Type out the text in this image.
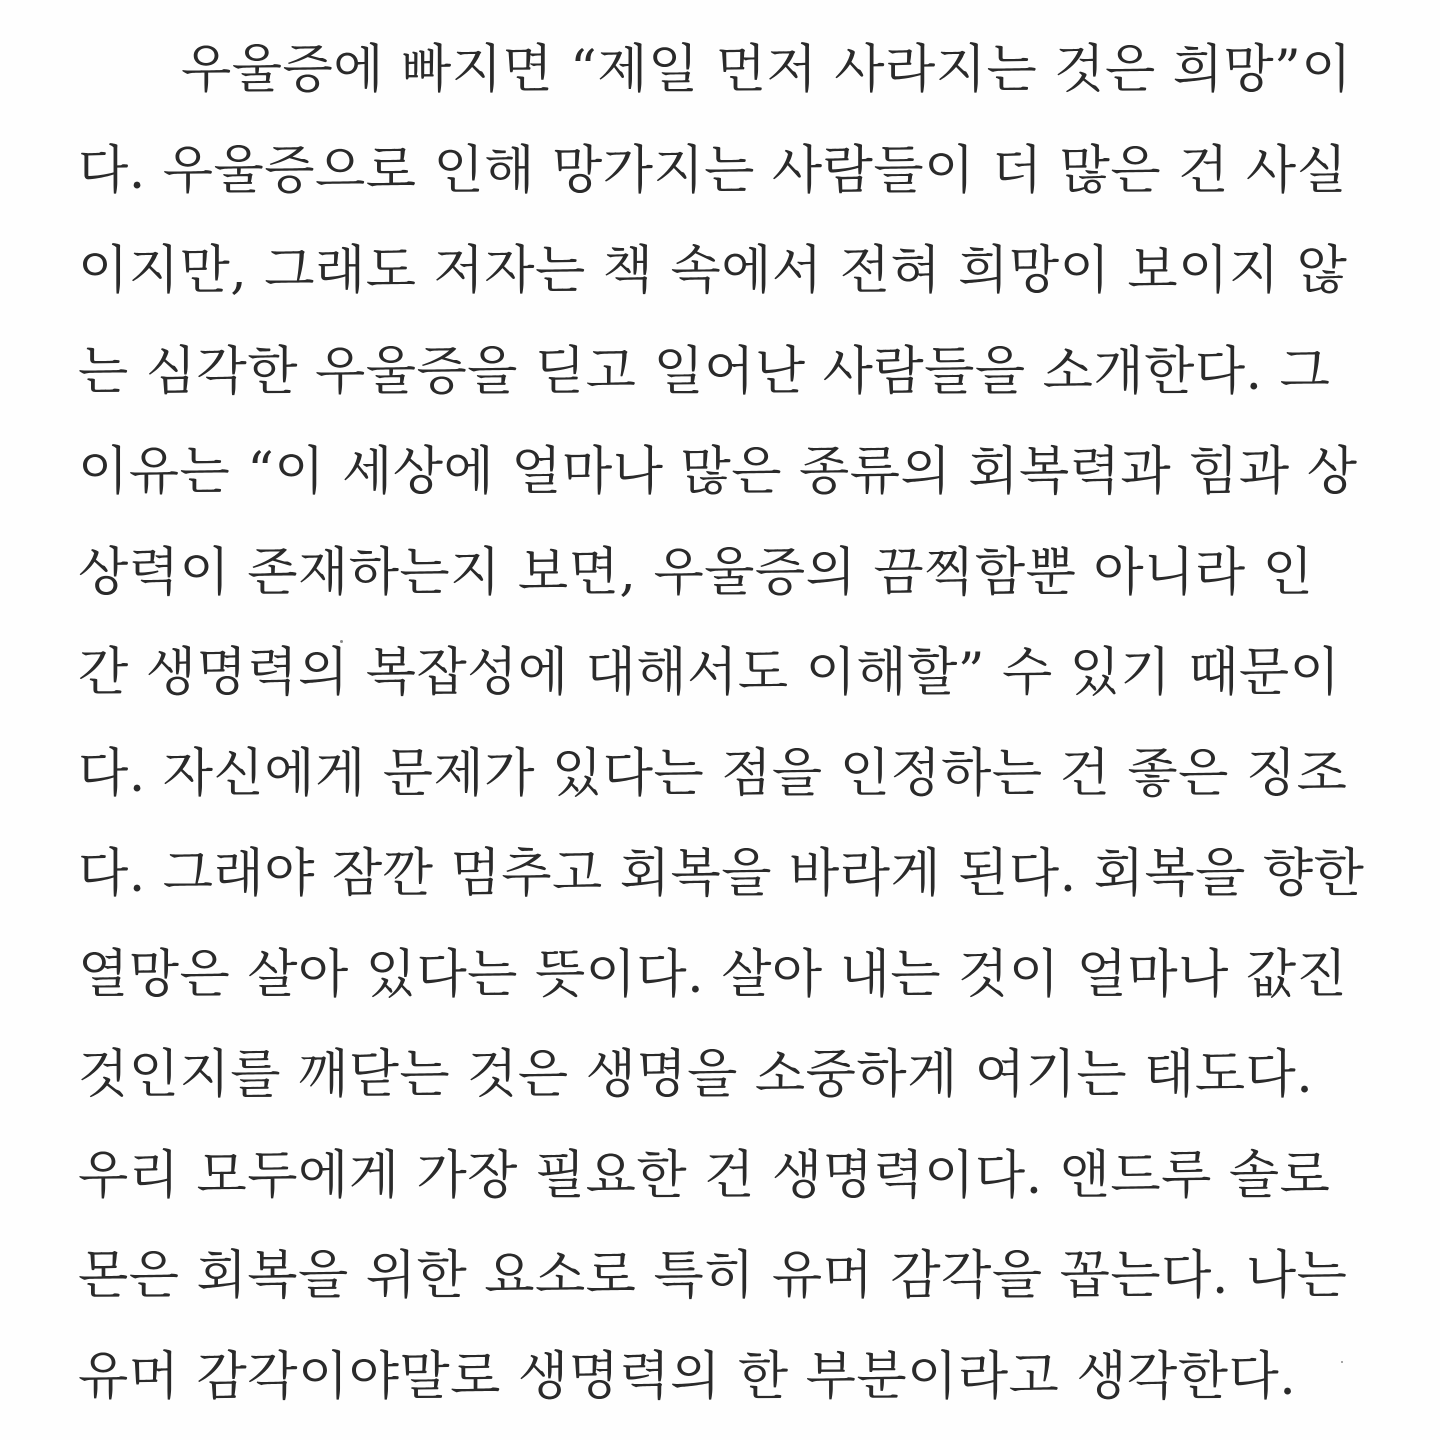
우울증에 빠지면 “제일 먼저 사라지는 것은 희망”이
다. 우울증으로 인해 망가지는 사람들이 더 많은 건 사실
이지만, 그래도 저자는 책 속에서 전혀 희망이 보이지 않
는 심각한 우울증을 딛고 일어난 사람들을 소개한다. 그
이유는 “이 세상에 얼마나 많은 종류의 회복력과 힘과 상
상력이 존재하는지 보면, 우울증의 끔찍함뿐 아니라 인
간 생명력의 복잡성에 대해서도 이해할” 수 있기 때문이
다. 자신에게 문제가 있다는 점을 인정하는 건 좋은 징조
다. 그래야 잠깐 멈추고 회복을 바라게 된다. 회복을 향한
열망은 살아 있다는 뜻이다. 살아 내는 것이 얼마나 값진
것인지를 깨닫는 것은 생명을 소중하게 여기는 태도다.
우리 모두에게 가장 필요한 건 생명력이다. 앤드루 솔로
몬은 회복을 위한 요소로 특히 유머 감각을 꼽는다. 나는
유머 감각이야말로 생명력의 한 부분이라고 생각한다.
